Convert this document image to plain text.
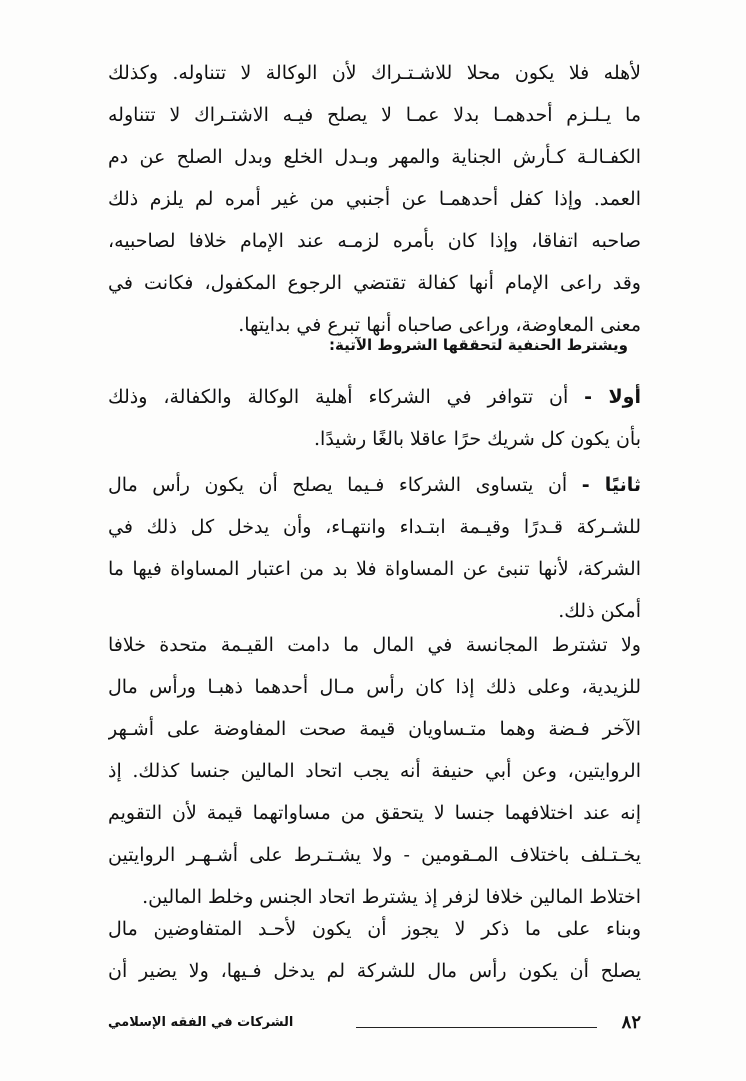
لأهله فلا يكون محلا للاشـتـراك لأن الوكالة لا تتناوله. وكذلك
ما يـلـزم أحدهمـا بدلا عمـا لا يصلح فيـه الاشتـراك لا تتناوله
الكفـالـة كـأرش الجناية والمهر وبـدل الخلع وبدل الصلح عن دم
العمد. وإذا كفل أحدهمـا عن أجنبي من غير أمره لم يلزم ذلك
صاحبه اتفاقا، وإذا كان بأمره لزمـه عند الإمام خلافا لصاحبيه،
وقد راعى الإمام أنها كفالة تقتضي الرجوع المكفول، فكانت في
معنى المعاوضة، وراعى صاحباه أنها تبرع في بدايتها.
ويشترط الحنفية لتحققها الشروط الآتية:
أولا - أن تتوافر في الشركاء أهلية الوكالة والكفالة، وذلك
بأن يكون كل شريك حرًا عاقلا بالغًا رشيدًا.
ثانيًا - أن يتساوى الشركاء فـيما يصلح أن يكون رأس مال
للشـركة قـدرًا وقيـمة ابتـداء وانتهـاء، وأن يدخل كل ذلك في
الشركة، لأنها تنبئ عن المساواة فلا بد من اعتبار المساواة فيها ما
أمكن ذلك.
ولا تشترط المجانسة في المال ما دامت القيـمة متحدة خلافا
للزيدية، وعلى ذلك إذا كان رأس مـال أحدهما ذهبـا ورأس مال
الآخر فـضة وهما متـساويان قيمة صحت المفاوضة على أشـهر
الروايتين، وعن أبي حنيفة أنه يجب اتحاد المالين جنسا كذلك. إذ
إنه عند اختلافهما جنسا لا يتحقق من مساواتهما قيمة لأن التقويم
يخـتـلف باختلاف المـقومين - ولا يشـتـرط على أشـهـر الروايتين
اختلاط المالين خلافا لزفر إذ يشترط اتحاد الجنس وخلط المالين.
وبناء على ما ذكر لا يجوز أن يكون لأحـد المتفاوضين مال
يصلح أن يكون رأس مال للشركة لم يدخل فـيها، ولا يضير أن
٨٢
الشركات في الفقه الإسلامي
